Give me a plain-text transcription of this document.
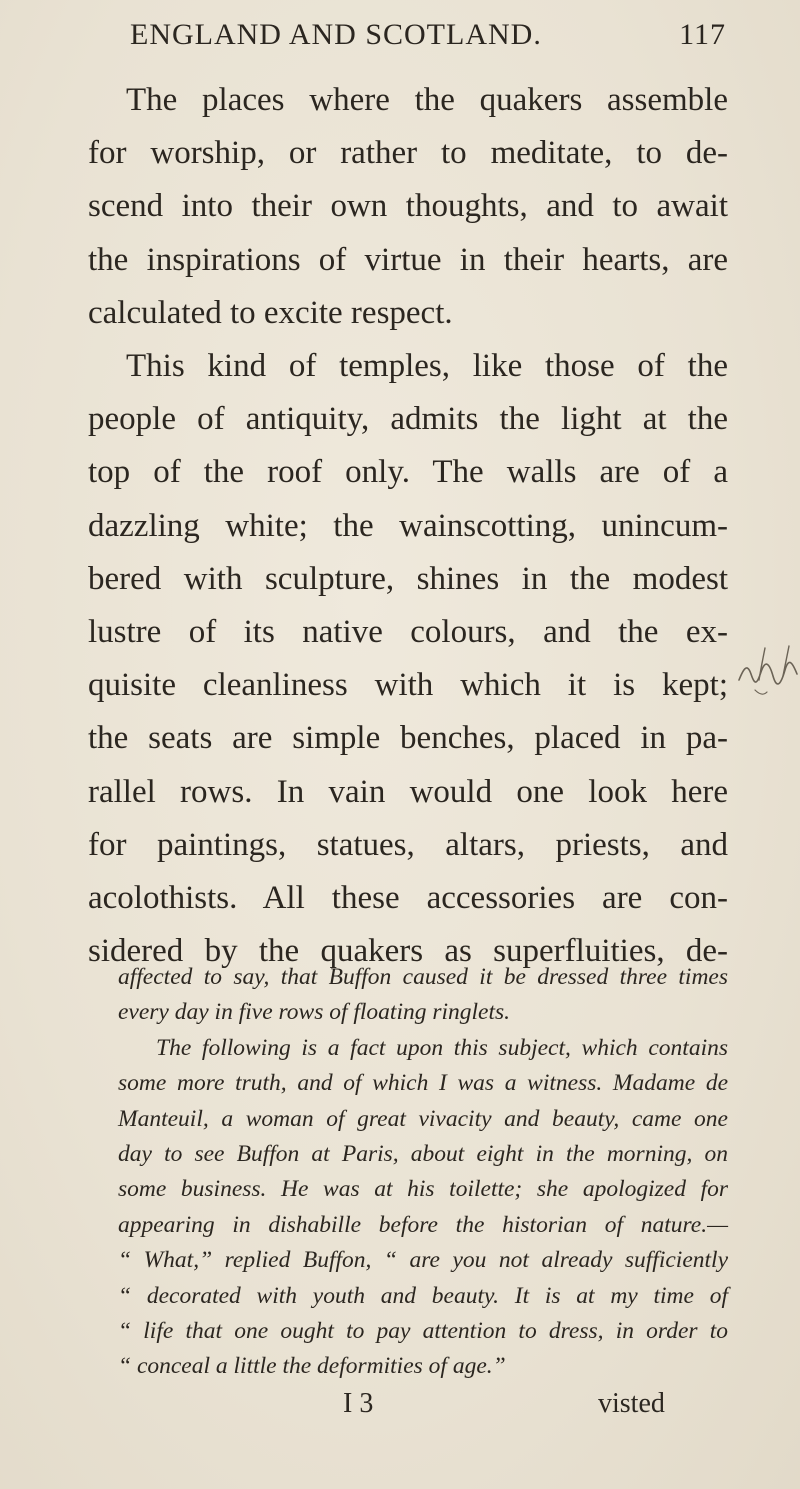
ENGLAND AND SCOTLAND.	117
The places where the quakers assemble
for worship, or rather to meditate, to de-
scend into their own thoughts, and to await
the inspirations of virtue in their hearts, are
calculated to excite respect.
This kind of temples, like those of the
people of antiquity, admits the light at the
top of the roof only. The walls are of a
dazzling white; the wainscotting, unincum-
bered with sculpture, shines in the modest
lustre of its native colours, and the ex-
quisite cleanliness with which it is kept;
the seats are simple benches, placed in pa-
rallel rows. In vain would one look here
for paintings, statues, altars, priests, and
acolothists. All these accessories are con-
sidered by the quakers as superfluities, de-
affected to say, that Buffon caused it be dressed three times
every day in five rows of floating ringlets.
The following is a fact upon this subject, which contains
some more truth, and of which I was a witness. Madame de
Manteuil, a woman of great vivacity and beauty, came one
day to see Buffon at Paris, about eight in the morning, on
some business. He was at his toilette; she apologized for
appearing in dishabille before the historian of nature.—
“ What,” replied Buffon, “ are you not already sufficiently
“ decorated with youth and beauty. It is at my time of
“ life that one ought to pay attention to dress, in order to
“ conceal a little the deformities of age.”
I 3	visted
